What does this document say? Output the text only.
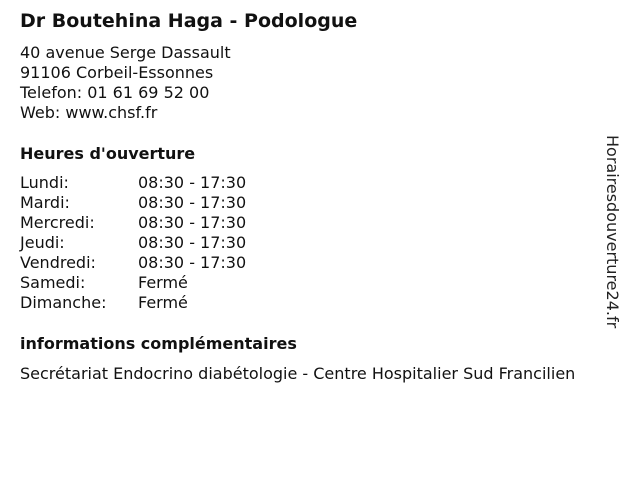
Dr Boutehina Haga - Podologue
40 avenue Serge Dassault
91106 Corbeil-Essonnes
Telefon: 01 61 69 52 00
Web: www.chsf.fr
Heures d'ouverture
Lundi:	08:30 - 17:30
Mardi:	08:30 - 17:30
Mercredi:	08:30 - 17:30
Jeudi:	08:30 - 17:30
Vendredi:	08:30 - 17:30
Samedi:	Fermé
Dimanche: Fermé
informations complémentaires
Secrétariat Endocrino diabétologie - Centre Hospitalier Sud Francilien
Horairesdouverture24.fr
